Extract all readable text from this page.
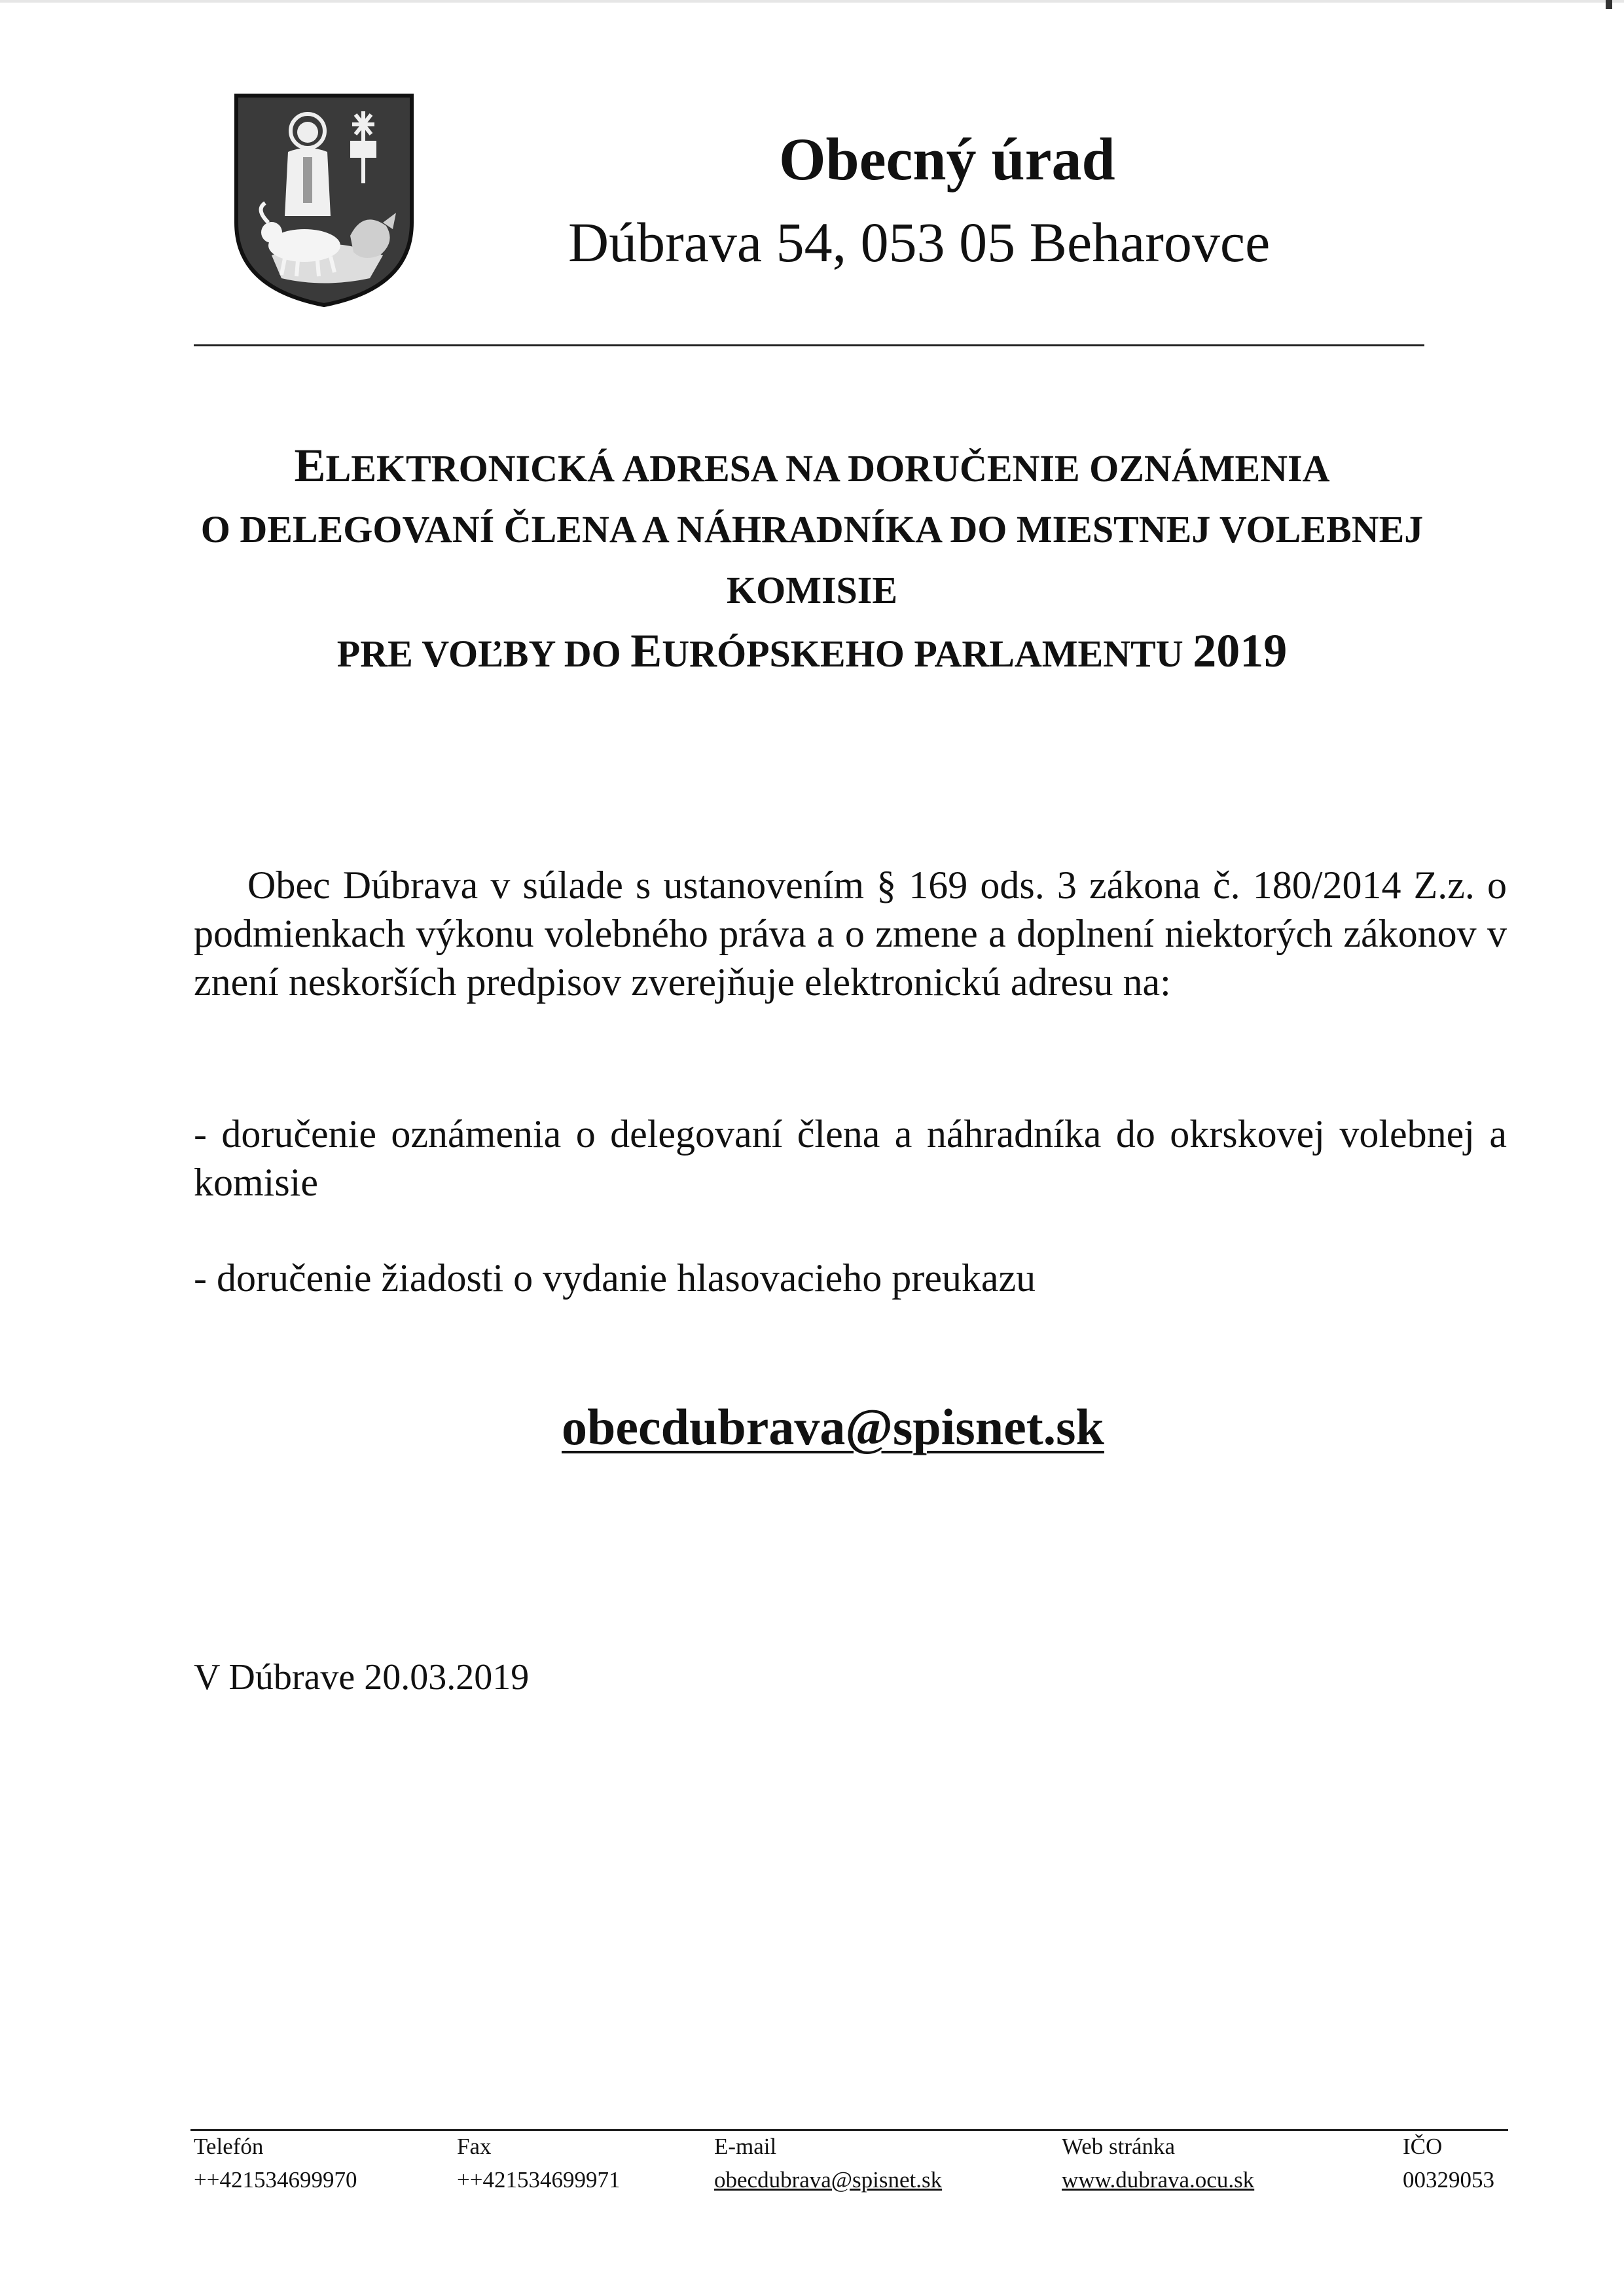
Obecný úrad
Dúbrava 54, 053 05 Beharovce
ELEKTRONICKÁ ADRESA NA DORUČENIE OZNÁMENIA
O DELEGOVANÍ ČLENA A NÁHRADNÍKA DO MIESTNEJ VOLEBNEJ
KOMISIE
PRE VOĽBY DO EURÓPSKEHO PARLAMENTU 2019
Obec Dúbrava v súlade s ustanovením § 169 ods. 3 zákona č. 180/2014 Z.z. o podmienkach výkonu volebného práva a o zmene a doplnení niektorých zákonov v znení neskorších predpisov zverejňuje elektronickú adresu na:
- doručenie oznámenia o delegovaní člena a náhradníka do okrskovej volebnej a komisie
- doručenie žiadosti o vydanie hlasovacieho preukazu
obecdubrava@spisnet.sk
V Dúbrave 20.03.2019
Telefón
++421534699970
Fax
++421534699971
E-mail
obecdubrava@spisnet.sk
Web stránka
www.dubrava.ocu.sk
IČO
00329053
